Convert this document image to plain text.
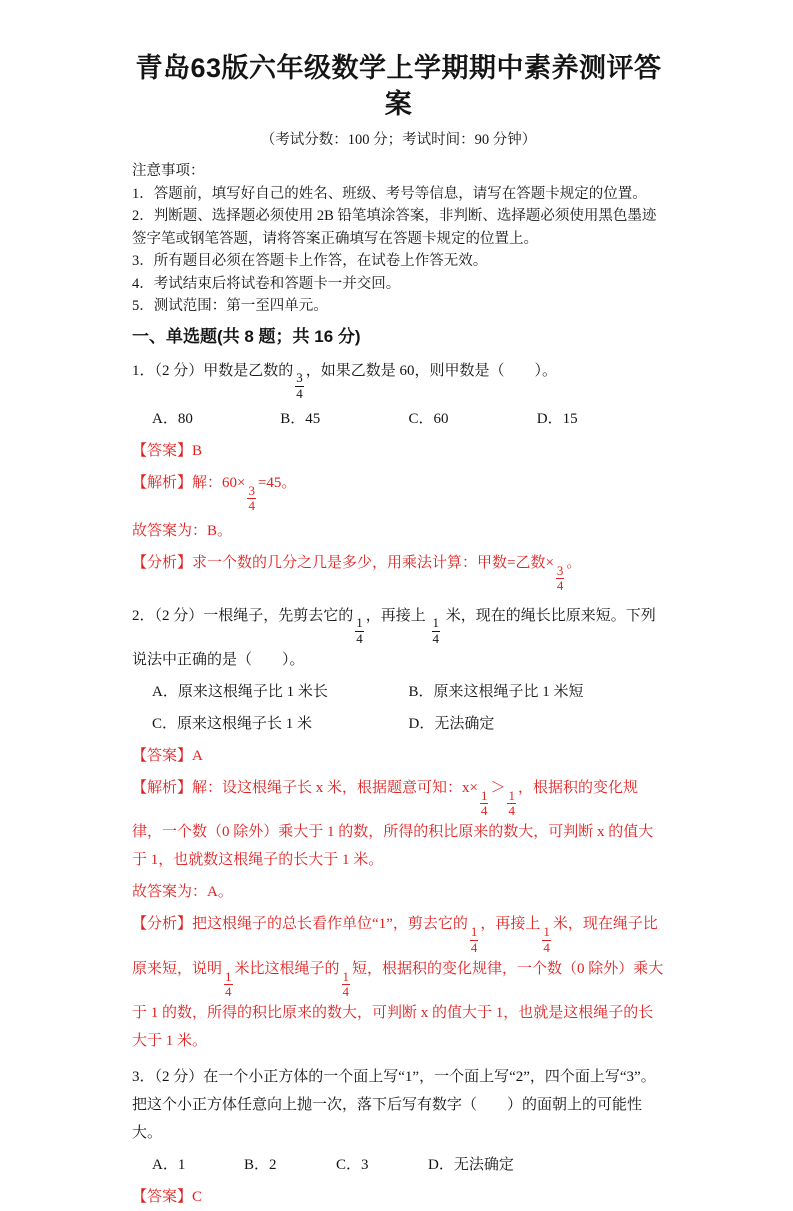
青岛63版六年级数学上学期期中素养测评答案

（考试分数：100 分；考试时间：90 分钟）

注意事项：

1．答题前，填写好自己的姓名、班级、考号等信息，请写在答题卡规定的位置。

2．判断题、选择题必须使用 2B 铅笔填涂答案，非判断、选择题必须使用黑色墨迹签字笔或钢笔答题，请将答案正确填写在答题卡规定的位置上。

3．所有题目必须在答题卡上作答，在试卷上作答无效。

4．考试结束后将试卷和答题卡一并交回。

5．测试范围：第一至四单元。

一、单选题(共 8 题；共 16 分)

1．（2 分）甲数是乙数的
$\frac{3}{4}$
，如果乙数是 60，则甲数是（　　）。

A．80	B．45	C．60	D．15

【答案】B

【解析】解：60×
$\frac{3}{4}$
=45。

故答案为：B。

【分析】求一个数的几分之几是多少，用乘法计算：甲数=乙数×
$\frac{3}{4}$
。

2．（2 分）一根绳子，先剪去它的
$\frac{1}{4}$
，再接上
$\frac{1}{4}$
米，现在的绳长比原来短。下列说法中正确的是（　　）。

A．原来这根绳子比 1 米长	B．原来这根绳子比 1 米短
C．原来这根绳子长 1 米	D．无法确定

【答案】A

【解析】解：设这根绳子长 x 米，根据题意可知：x×
$\frac{1}{4}$
＞
$\frac{1}{4}$
，根据积的变化规律，一个数（0 除外）乘大于 1 的数，所得的积比原来的数大，可判断 x 的值大于 1，也就数这根绳子的长大于 1 米。

故答案为：A。

【分析】把这根绳子的总长看作单位“1”，剪去它的
$\frac{1}{4}$
，再接上
$\frac{1}{4}$
米，现在绳子比原来短，说明
$\frac{1}{4}$
米比这根绳子的
$\frac{1}{4}$
短，根据积的变化规律，一个数（0 除外）乘大于 1 的数，所得的积比原来的数大，可判断 x 的值大于 1，也就是这根绳子的长大于 1 米。

3．（2 分）在一个小正方体的一个面上写“1”，一个面上写“2”，四个面上写“3”。把这个小正方体任意向上抛一次，落下后写有数字（　　）的面朝上的可能性大。

A．1	B．2	C．3	D．无法确定

【答案】C
